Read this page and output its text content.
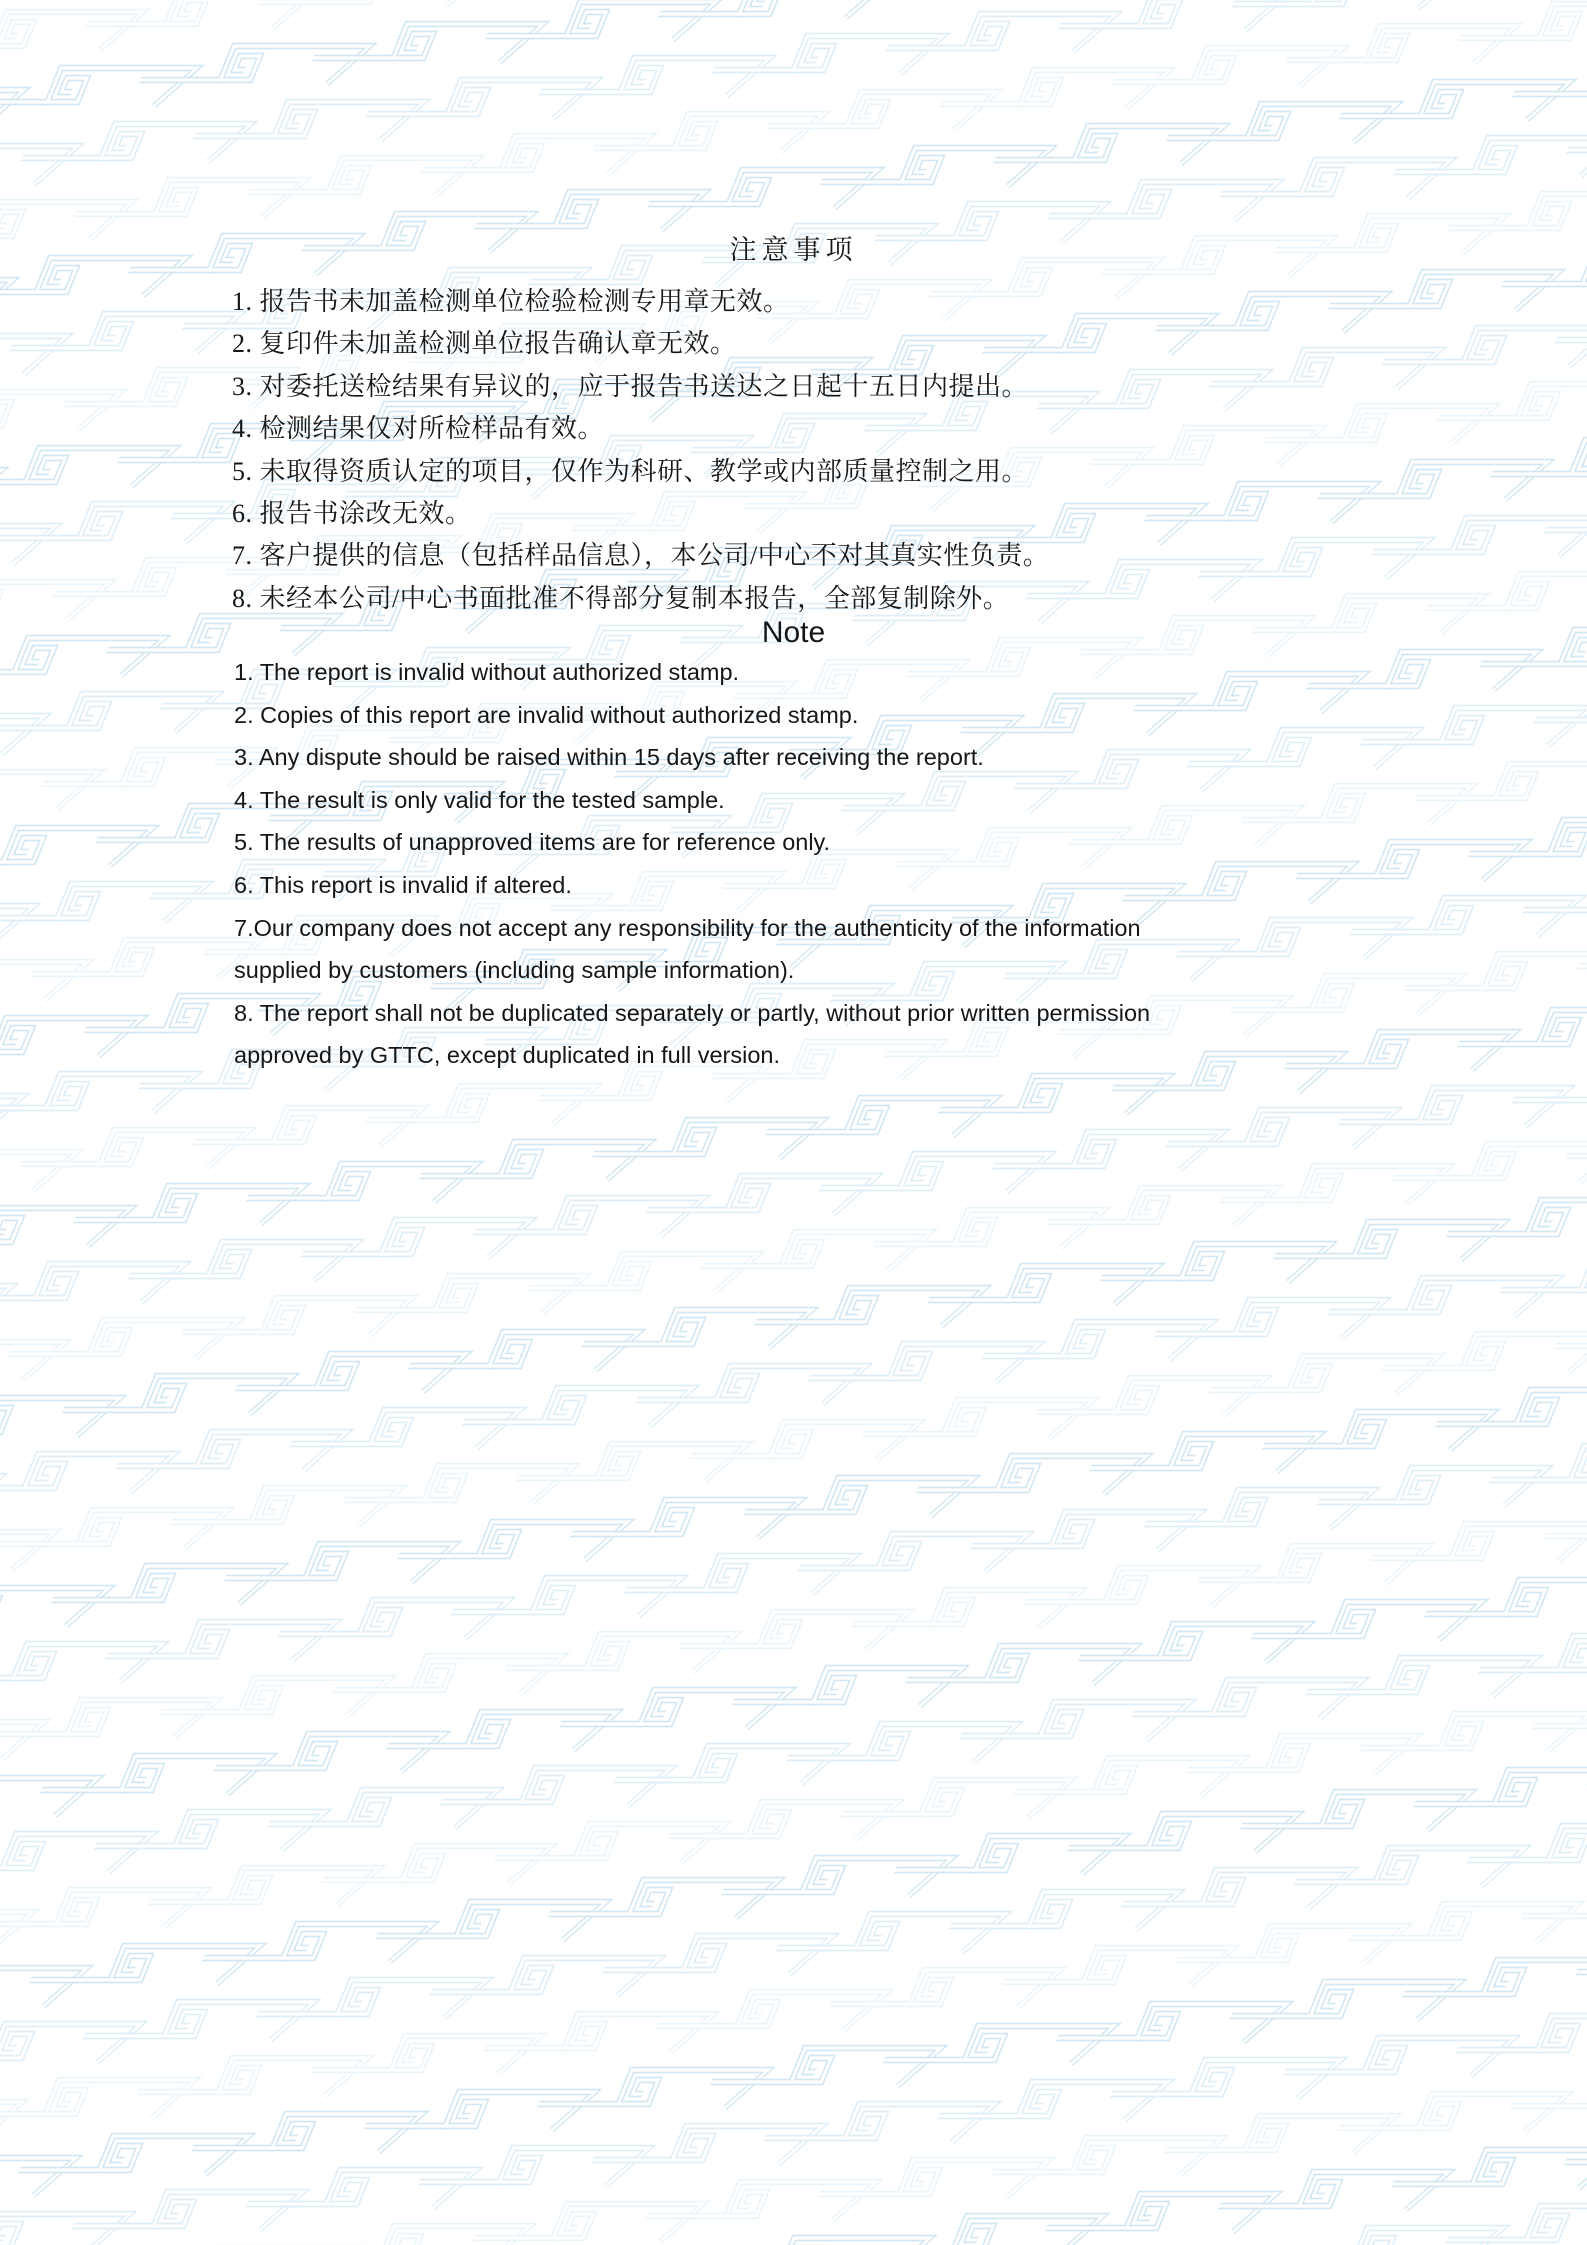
注意事项
1. 报告书未加盖检测单位检验检测专用章无效。
2. 复印件未加盖检测单位报告确认章无效。
3. 对委托送检结果有异议的，应于报告书送达之日起十五日内提出。
4. 检测结果仅对所检样品有效。
5. 未取得资质认定的项目，仅作为科研、教学或内部质量控制之用。
6. 报告书涂改无效。
7. 客户提供的信息（包括样品信息），本公司/中心不对其真实性负责。
8. 未经本公司/中心书面批准不得部分复制本报告，全部复制除外。
Note
1. The report is invalid without authorized stamp.
2. Copies of this report are invalid without authorized stamp.
3. Any dispute should be raised within 15 days after receiving the report.
4. The result is only valid for the tested sample.
5. The results of unapproved items are for reference only.
6. This report is invalid if altered.
7.Our company does not accept any responsibility for the authenticity of the information
supplied by customers (including sample information).
8. The report shall not be duplicated separately or partly, without prior written permission
approved by GTTC, except duplicated in full version.
